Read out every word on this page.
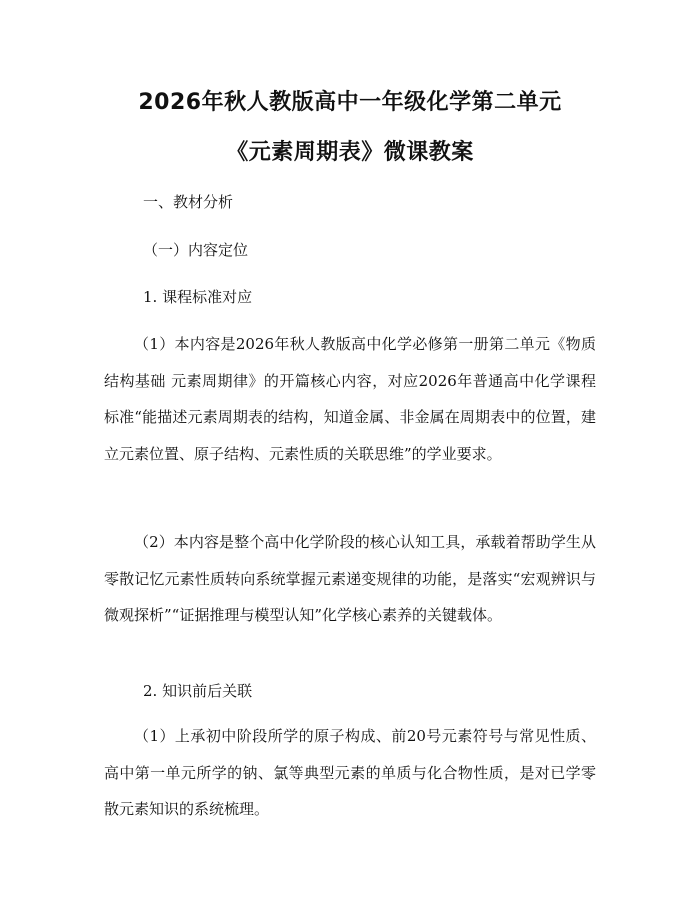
2026年秋人教版高中一年级化学第二单元
《元素周期表》微课教案
一、教材分析
（一）内容定位
1. 课程标准对应

（1）本内容是2026年秋人教版高中化学必修第一册第二单元《物质结构基础 元素周期律》的开篇核心内容，对应2026年普通高中化学课程标准“能描述元素周期表的结构，知道金属、非金属在周期表中的位置，建立元素位置、原子结构、元素性质的关联思维”的学业要求。

（2）本内容是整个高中化学阶段的核心认知工具，承载着帮助学生从零散记忆元素性质转向系统掌握元素递变规律的功能，是落实“宏观辨识与微观探析”“证据推理与模型认知”化学核心素养的关键载体。

2. 知识前后关联

（1）上承初中阶段所学的原子构成、前20号元素符号与常见性质、高中第一单元所学的钠、氯等典型元素的单质与化合物性质，是对已学零散元素知识的系统梳理。
